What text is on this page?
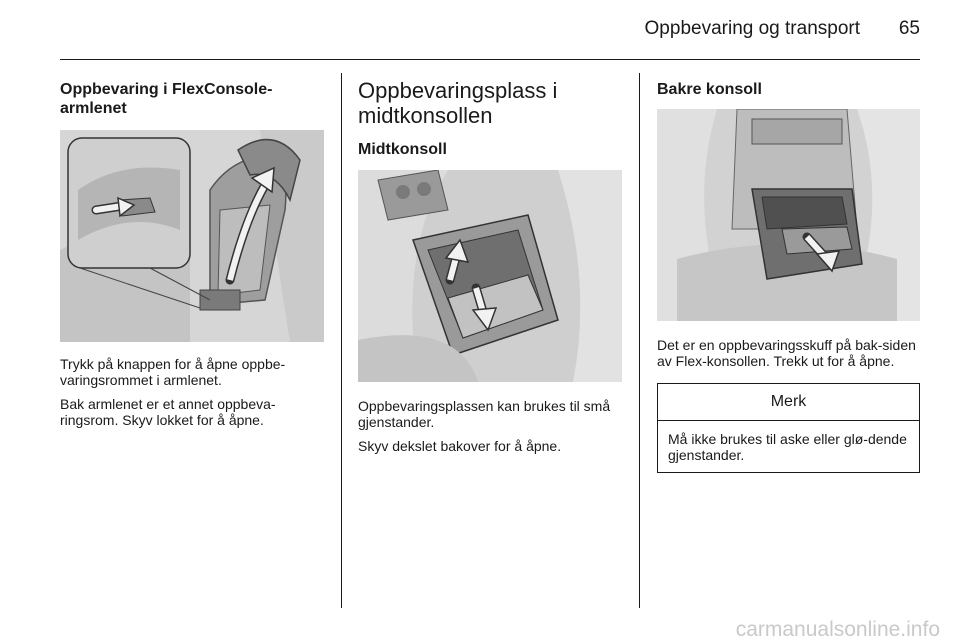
Oppbevaring og transport	65
Oppbevaring i FlexConsole-armlenet

Trykk på knappen for å åpne oppbe-varingsrommet i armlenet.

Bak armlenet er et annet oppbeva-ringsrom. Skyv lokket for å åpne.

Oppbevaringsplass i midtkonsollen
Midtkonsoll

Oppbevaringsplassen kan brukes til små gjenstander.

Skyv dekslet bakover for å åpne.

Bakre konsoll

Det er en oppbevaringsskuff på bak-siden av Flex-konsollen. Trekk ut for å åpne.

Merk
Må ikke brukes til aske eller glø-dende gjenstander.
carmanualsonline.info
